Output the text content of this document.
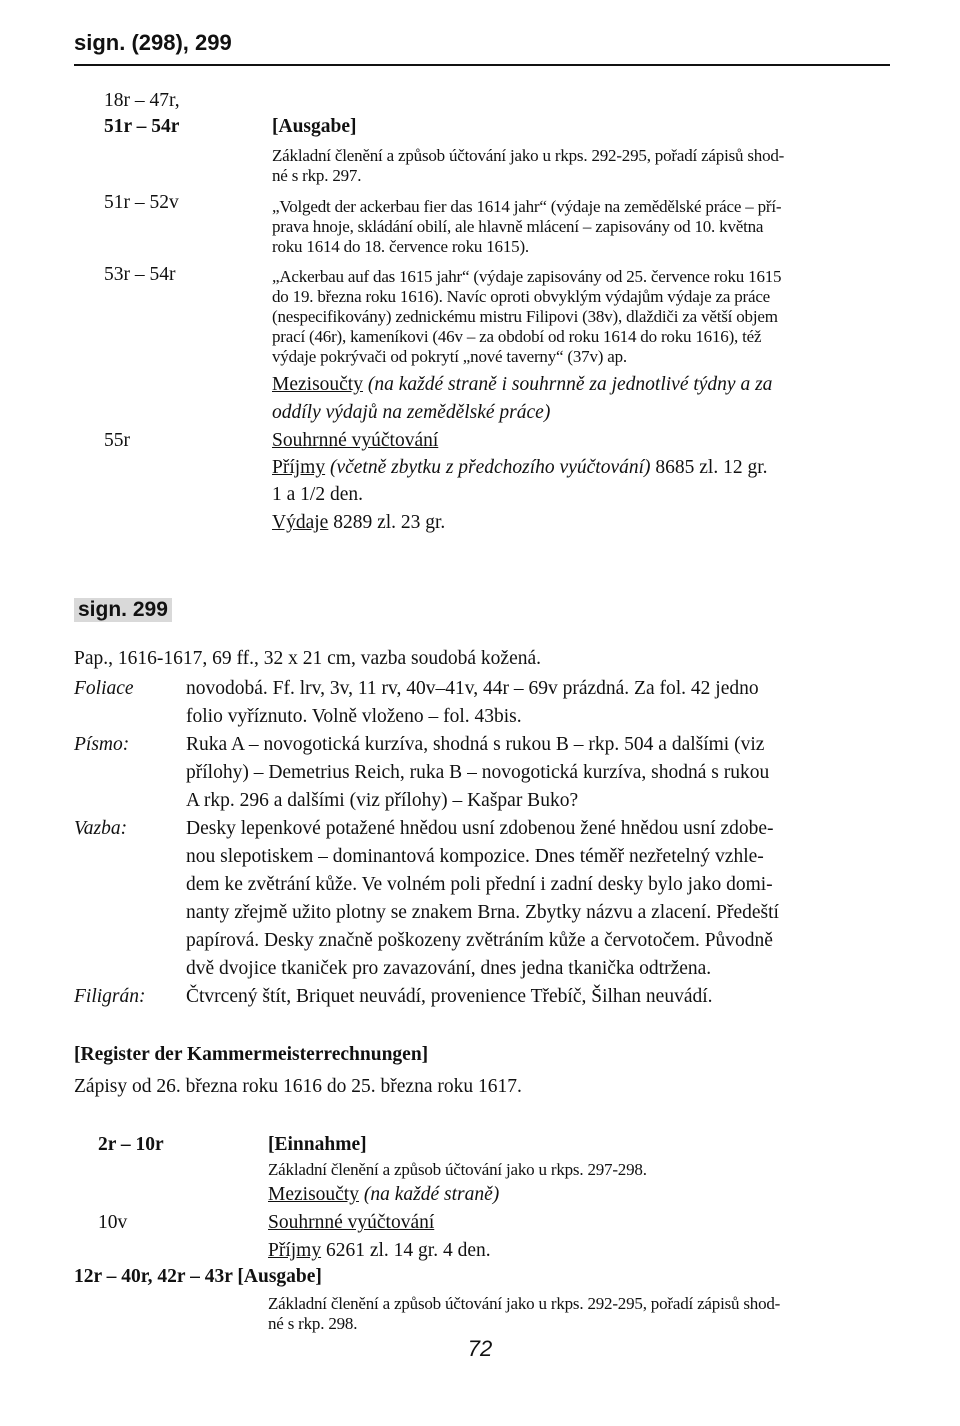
sign. (298), 299
18r – 47r,
51r – 54r	[Ausgabe]
Základní členění a způsob účtování jako u rkps. 292-295, pořadí zápisů shod-
né s rkp. 297.
51r – 52v	„Volgedt der ackerbau fier das 1614 jahr“ (výdaje na zemědělské práce – pří-
prava hnoje, skládání obilí, ale hlavně mlácení – zapisovány od 10. května
roku 1614 do 18. července roku 1615).
53r – 54r	„Ackerbau auf das 1615 jahr“ (výdaje zapisovány od 25. července roku 1615
do 19. března roku 1616). Navíc oproti obvyklým výdajům výdaje za práce
(nespecifikovány) zednickému mistru Filipovi (38v), dlaždiči za větší objem
prací (46r), kameníkovi (46v – za období od roku 1614 do roku 1616), též
výdaje pokrývači od pokrytí „nové taverny“ (37v) ap.
Mezisoučty (na každé straně i souhrnně za jednotlivé týdny a za
oddíly výdajů na zemědělské práce)
55r	Souhrnné vyúčtování
Příjmy (včetně zbytku z předchozího vyúčtování) 8685 zl. 12 gr.
1 a 1/2 den.
Výdaje 8289 zl. 23 gr.
sign. 299
Pap., 1616-1617, 69 ff., 32 x 21 cm, vazba soudobá kožená.
Foliace	novodobá. Ff. lrv, 3v, 11 rv, 40v–41v, 44r – 69v prázdná. Za fol. 42 jedno
folio vyříznuto. Volně vloženo – fol. 43bis.
Písmo:	Ruka A – novogotická kurzíva, shodná s rukou B – rkp. 504 a dalšími (viz
přílohy) – Demetrius Reich, ruka B – novogotická kurzíva, shodná s rukou
A rkp. 296 a dalšími (viz přílohy) – Kašpar Buko?
Vazba:	Desky lepenkové potažené hnědou usní zdobenou žené hnědou usní zdobe-
nou slepotiskem – dominantová kompozice. Dnes téměř nezřetelný vzhle-
dem ke zvětrání kůže. Ve volném poli přední i zadní desky bylo jako domi-
nanty zřejmě užito plotny se znakem Brna. Zbytky názvu a zlacení. Předeští
papírová. Desky značně poškozeny zvětráním kůže a červotočem. Původně
dvě dvojice tkaniček pro zavazování, dnes jedna tkanička odtržena.
Filigrán: Čtvrcený štít, Briquet neuvádí, provenience Třebíč, Šilhan neuvádí.
[Register der Kammermeisterrechnungen]
Zápisy od 26. března roku 1616 do 25. března roku 1617.
2r – 10r	[Einnahme]
Základní členění a způsob účtování jako u rkps. 297-298.
Mezisoučty (na každé straně)
10v	Souhrnné vyúčtování
Příjmy 6261 zl. 14 gr. 4 den.
12r – 40r, 42r – 43r [Ausgabe]
Základní členění a způsob účtování jako u rkps. 292-295, pořadí zápisů shod-
né s rkp. 298.
72
